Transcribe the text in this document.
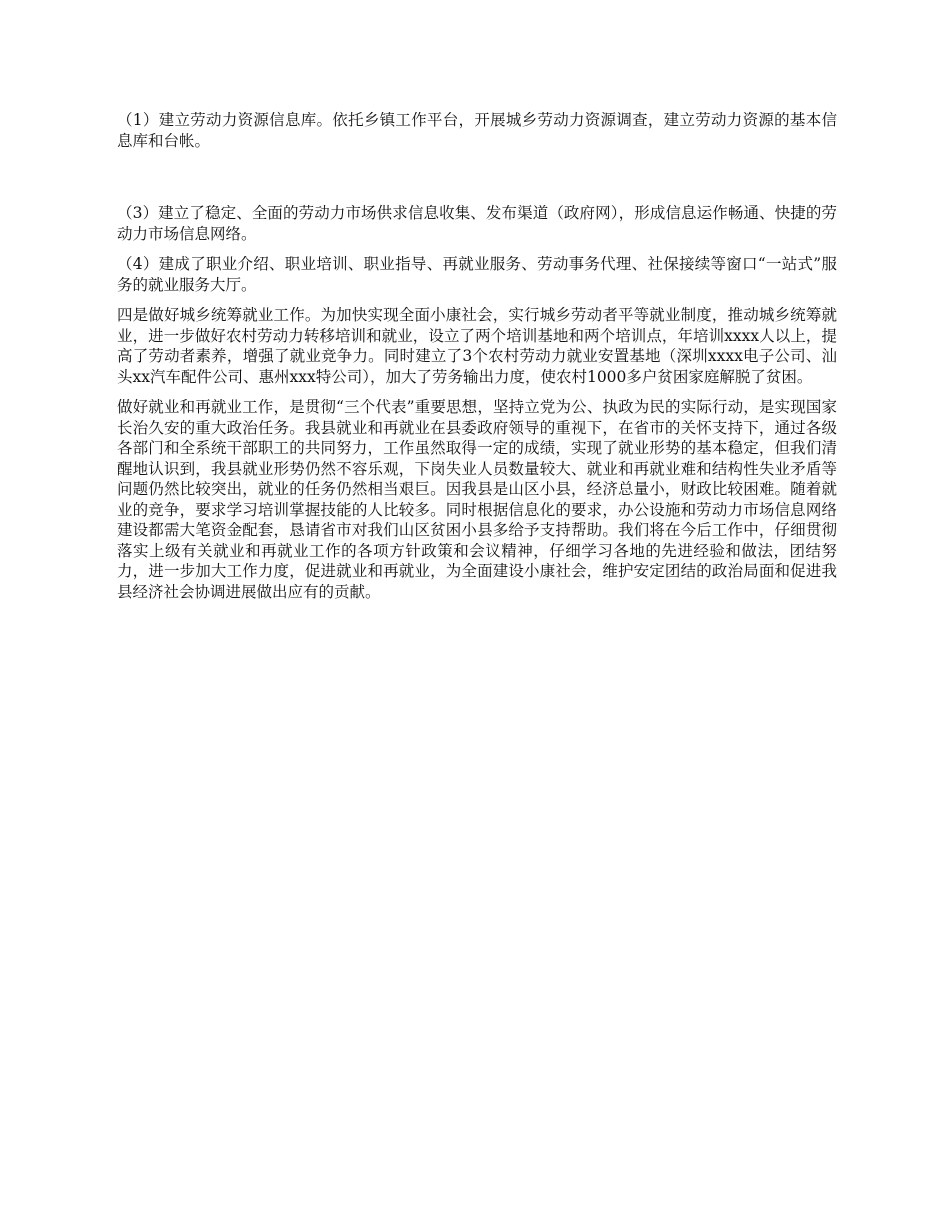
（1）建立劳动力资源信息库。依托乡镇工作平台，开展城乡劳动力资源调查，建立劳动力资源的基本信息库和台帐。

（3）建立了稳定、全面的劳动力市场供求信息收集、发布渠道（政府网），形成信息运作畅通、快捷的劳动力市场信息网络。

（4）建成了职业介绍、职业培训、职业指导、再就业服务、劳动事务代理、社保接续等窗口“一站式”服务的就业服务大厅。

四是做好城乡统筹就业工作。为加快实现全面小康社会，实行城乡劳动者平等就业制度，推动城乡统筹就业，进一步做好农村劳动力转移培训和就业，设立了两个培训基地和两个培训点，年培训xxxx人以上，提高了劳动者素养，增强了就业竞争力。同时建立了3个农村劳动力就业安置基地（深圳xxxx电子公司、汕头xx汽车配件公司、惠州xxx特公司），加大了劳务输出力度，使农村1000多户贫困家庭解脱了贫困。

做好就业和再就业工作，是贯彻“三个代表”重要思想，坚持立党为公、执政为民的实际行动，是实现国家长治久安的重大政治任务。我县就业和再就业在县委政府领导的重视下，在省市的关怀支持下，通过各级各部门和全系统干部职工的共同努力，工作虽然取得一定的成绩，实现了就业形势的基本稳定，但我们清醒地认识到，我县就业形势仍然不容乐观，下岗失业人员数量较大、就业和再就业难和结构性失业矛盾等问题仍然比较突出，就业的任务仍然相当艰巨。因我县是山区小县，经济总量小，财政比较困难。随着就业的竞争，要求学习培训掌握技能的人比较多。同时根据信息化的要求，办公设施和劳动力市场信息网络建设都需大笔资金配套，恳请省市对我们山区贫困小县多给予支持帮助。我们将在今后工作中，仔细贯彻落实上级有关就业和再就业工作的各项方针政策和会议精神，仔细学习各地的先进经验和做法，团结努力，进一步加大工作力度，促进就业和再就业，为全面建设小康社会，维护安定团结的政治局面和促进我县经济社会协调进展做出应有的贡献。
